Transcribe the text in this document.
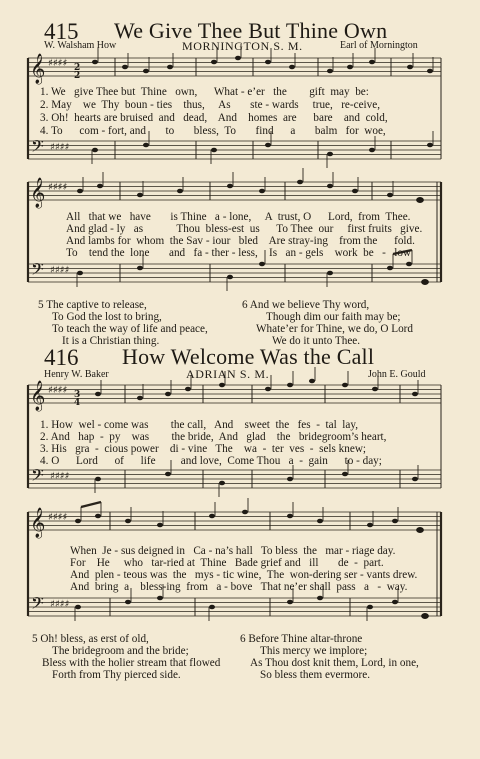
415 We Give Thee But Thine Own
W. Walsham How	MORNINGTON S. M.	Earl of Mornington
𝄞 ♯♯♯♯ 2
2
𝄢 ♯♯♯♯
𝄞 ♯♯♯♯
𝄢 ♯♯♯♯
𝄞 ♯♯♯♯ 3
4
𝄢 ♯♯♯♯
𝄞 ♯♯♯♯
𝄢 ♯♯♯♯
1. We   give Thee but  Thine   own,      What - e’er   the        gift  may  be:
2. May    we  Thy  boun - ties    thus,     As       ste - wards     true,   re-ceive,
3. Oh!  hearts are bruised  and   dead,    And    homes  are      bare    and  cold,
4. To      com - fort, and       to       bless,  To       find      a       balm   for  woe,
All   that we   have       is Thine   a - lone,     A  trust, O      Lord,  from  Thee.
And glad - ly   as            Thou  bless-est  us      To Thee  our     first fruits   give.
And lambs for  whom  the Sav - iour   bled    Are stray-ing    from the      fold.
To    tend the  lone       and   fa - ther - less,    Is   an - gels    work  be   -   low
5 The captive to release,
To God the lost to bring,
To teach the way of life and peace,
It is a Christian thing.
6 And we believe Thy word,
Though dim our faith may be;
Whate’er for Thine, we do, O Lord
We do it unto Thee.
416 How Welcome Was the Call
Henry W. Baker	ADRIAN S. M.	John E. Gould
1. How  wel - come was        the call,   And    sweet  the   fes  -  tal  lay,
2. And   hap  -  py    was        the bride,  And   glad    the   bridegroom’s heart,
3. His   gra  -  cious power    di - vine   The    wa  -  ter  ves  -  sels knew;
4. O      Lord      of      life         and love,  Come Thou   a  -  gain      to - day;
When  Je - sus deigned in   Ca - na’s hall   To bless  the   mar - riage day.
For    He     who   tar-ried at  Thine   Bade grief and   ill       de  -  part.
And  plen - teous was  the   mys - tic wine,  The  won-dering ser - vants drew.
And  bring  a    bless-ing  from   a - bove   That ne’er shall  pass   a   -  way.
5 Oh! bless, as erst of old,
The bridegroom and the bride;
Bless with the holier stream that flowed
Forth from Thy pierced side.
6 Before Thine altar-throne
This mercy we implore;
As Thou dost knit them, Lord, in one,
So bless them evermore.
